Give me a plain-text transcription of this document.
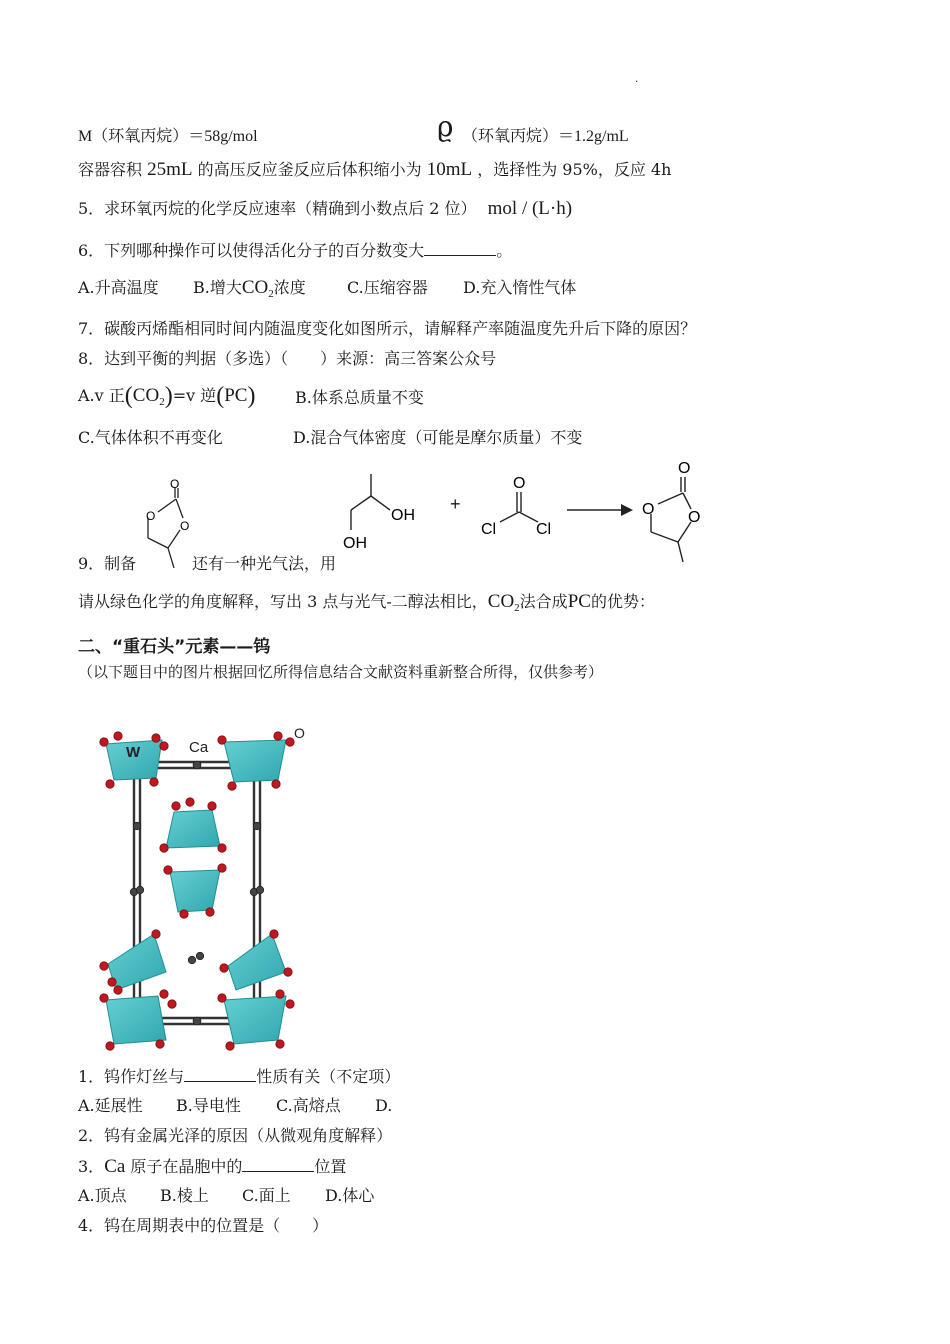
.
M（环氧丙烷）＝58g/mol	ϱ （环氧丙烷）＝1.2g/mL
容器容积 25mL 的高压反应釜反应后体积缩小为 10mL ，选择性为 95%，反应 4h
5．求环氧丙烷的化学反应速率（精确到小数点后 2 位） mol / (L·h)
6．下列哪种操作可以使得活化分子的百分数变大	。
A.升高温度 B.增大$CO_2$浓度	C.压缩容器 D.充入惰性气体
7．碳酸丙烯酯相同时间内随温度变化如图所示，请解释产率随温度先升后下降的原因？
8．达到平衡的判据（多选）（　　）来源：高三答案公众号
A.v 正$(CO_2)=v$ 逆(PC) B.体系总质量不变
C.气体体积不再变化	D.混合气体密度（可能是摩尔质量）不变
9．制备	还有一种光气法，用
O
O
O
OH
OH
+
O
Cl Cl
O
O O
请从绿色化学的角度解释，写出 3 点与光气-二醇法相比，$CO_2$法合成PC的优势：
二、“重石头”元素——钨
（以下题目中的图片根据回忆所得信息结合文献资料重新整合所得，仅供参考）
W	Ca
O
1．钨作灯丝与	性质有关（不定项）
A.延展性 B.导电性 C.高熔点 D.
2．钨有金属光泽的原因（从微观角度解释）
3．Ca 原子在晶胞中的	位置
A.顶点 B.棱上 C.面上 D.体心
4．钨在周期表中的位置是（　　）
